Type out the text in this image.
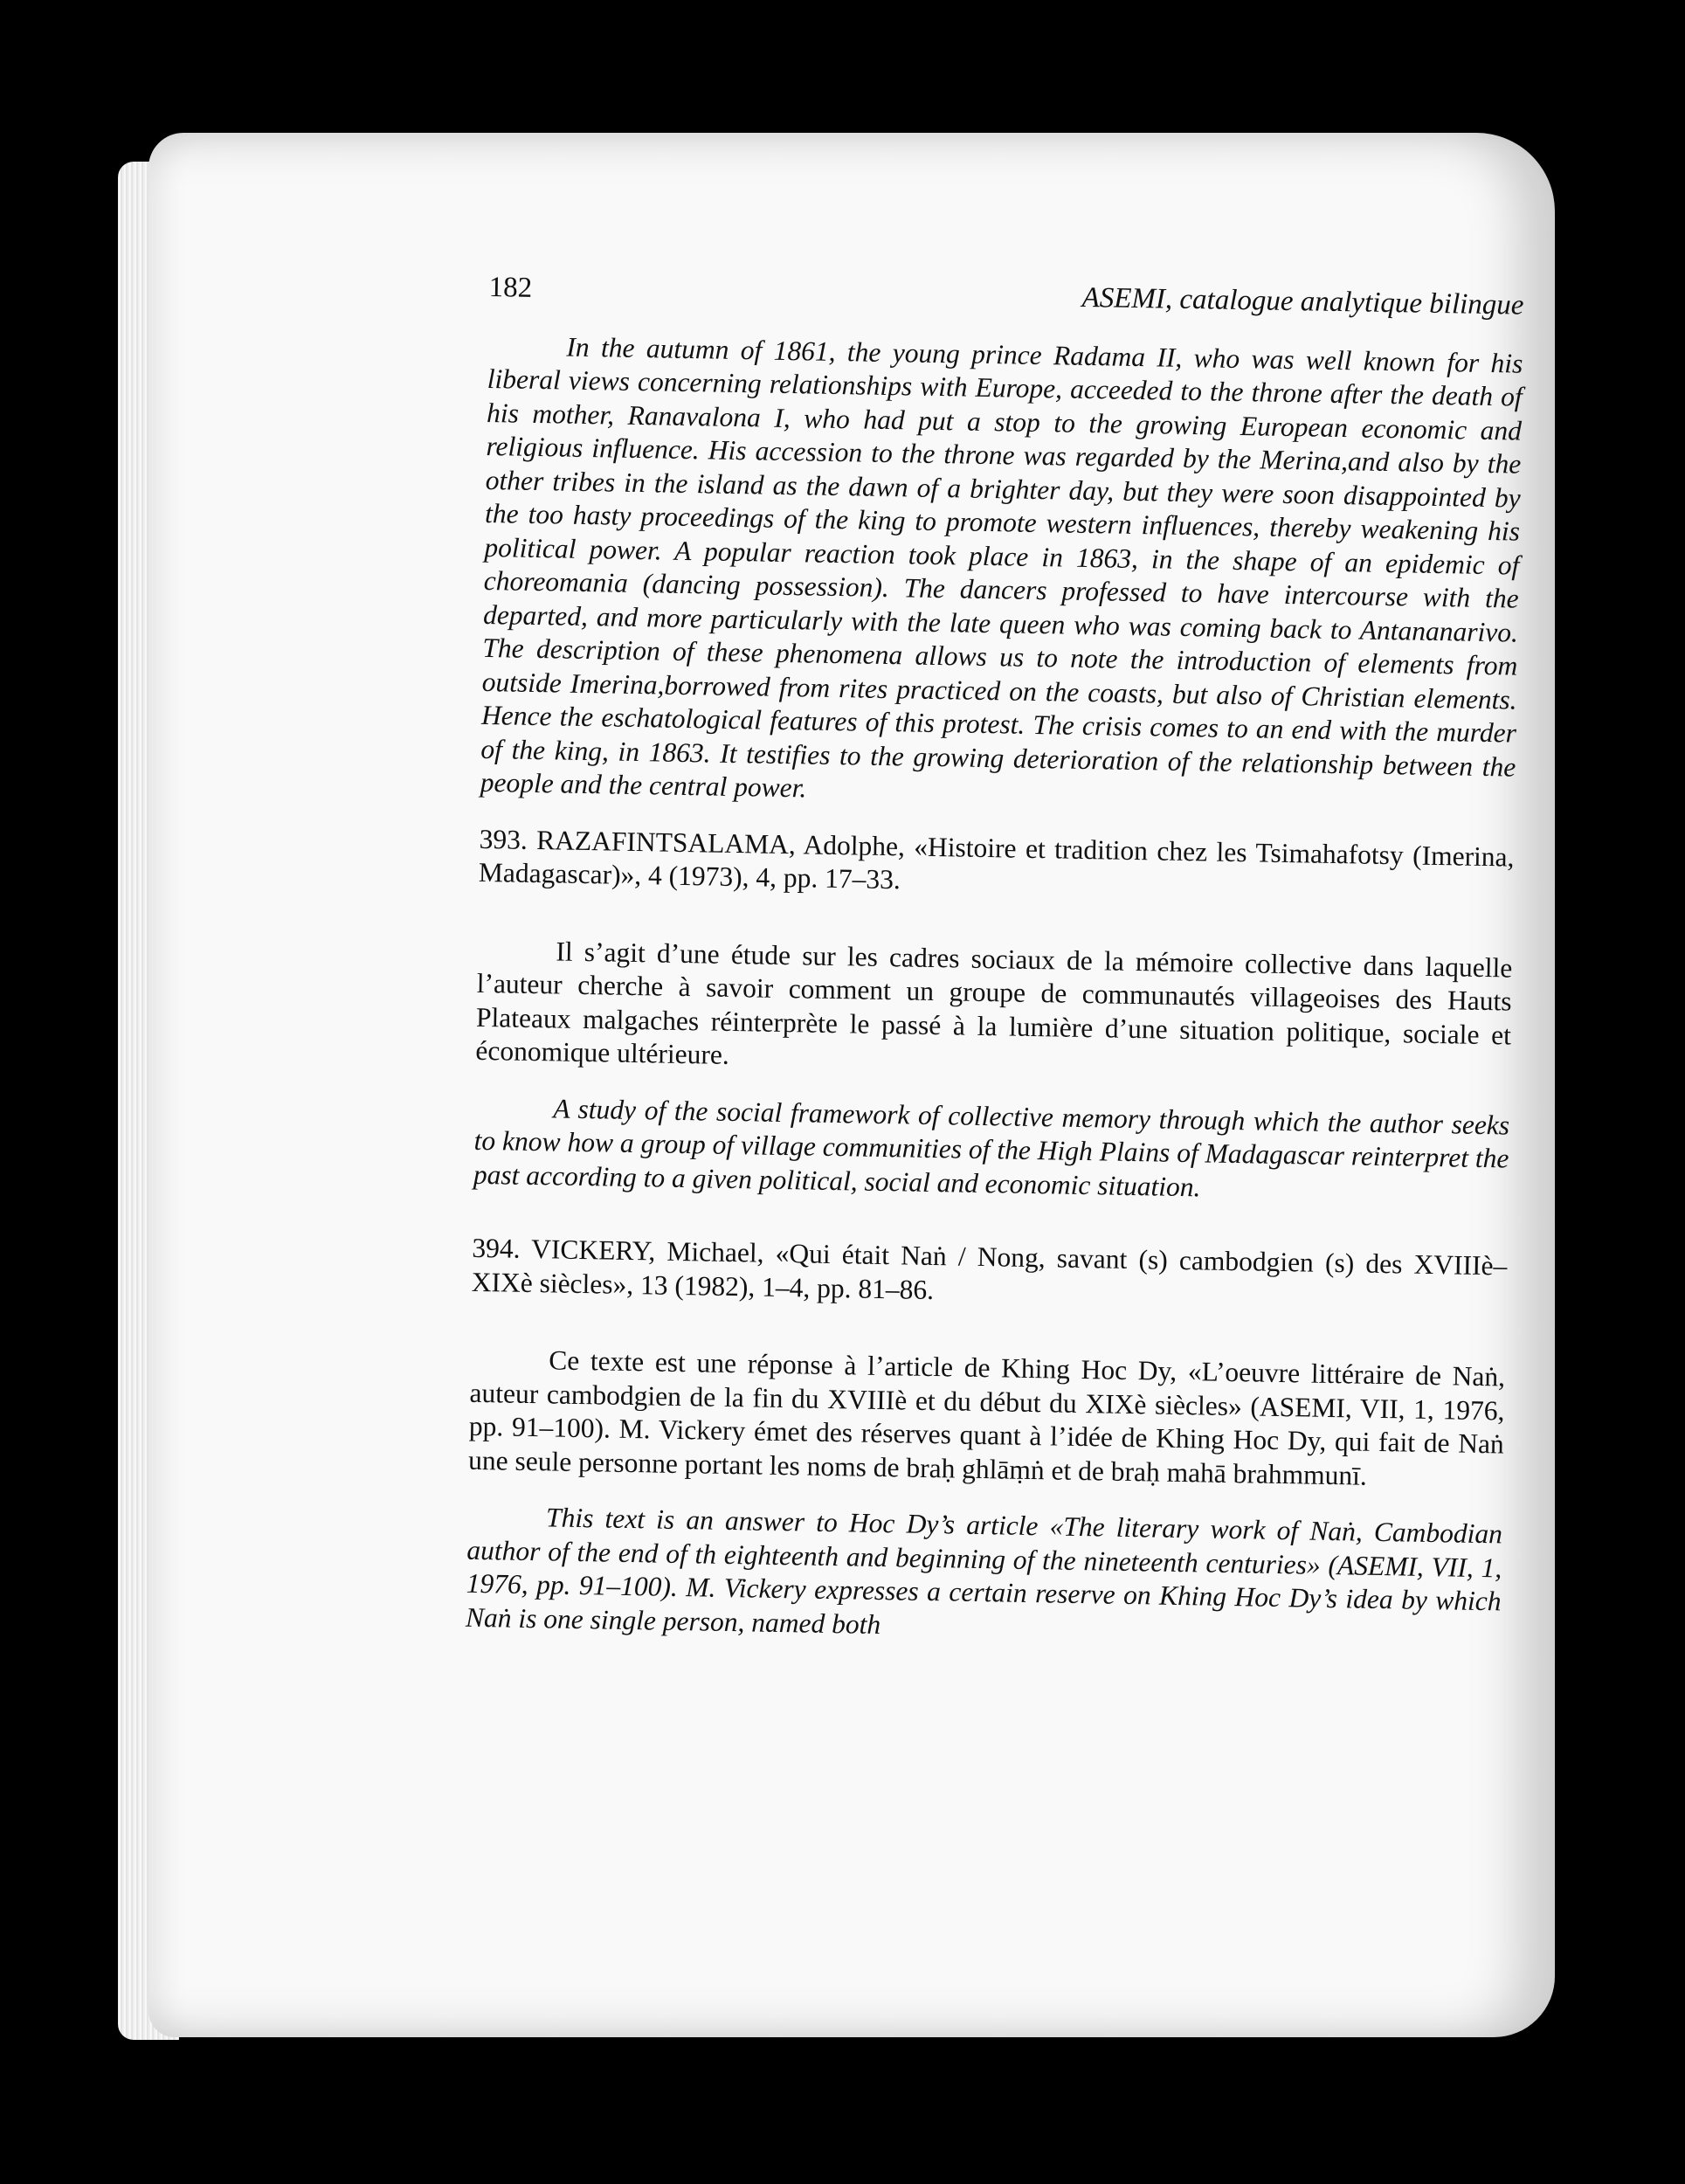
182	ASEMI, catalogue analytique bilingue

In the autumn of 1861, the young prince Radama II, who was well known for his liberal views concerning relationships with Europe, acceeded to the throne after the death of his mother, Ranavalona I, who had put a stop to the growing European economic and religious influence. His accession to the throne was regarded by the Merina,and also by the other tribes in the island as the dawn of a brighter day, but they were soon disappointed by the too hasty proceedings of the king to promote western influences, thereby weakening his political power. A popular reaction took place in 1863, in the shape of an epidemic of choreomania (dancing possession). The dancers professed to have intercourse with the departed, and more particularly with the late queen who was coming back to Antananarivo. The description of these phenomena allows us to note the introduction of elements from outside Imerina,borrowed from rites practiced on the coasts, but also of Christian elements. Hence the eschatological features of this protest. The crisis comes to an end with the murder of the king, in 1863. It testifies to the growing deterioration of the relationship between the people and the central power.

393. RAZAFINTSALAMA, Adolphe, «Histoire et tradition chez les Tsimahafotsy (Imerina, Madagascar)», 4 (1973), 4, pp. 17–33.

Il s’agit d’une étude sur les cadres sociaux de la mémoire collective dans laquelle l’auteur cherche à savoir comment un groupe de communautés villageoises des Hauts Plateaux malgaches réinterprète le passé à la lumière d’une situation politique, sociale et économique ultérieure.

A study of the social framework of collective memory through which the author seeks to know how a group of village communities of the High Plains of Madagascar reinterpret the past according to a given political, social and economic situation.

394. VICKERY, Michael, «Qui était Naṅ / Nong, savant (s) cambodgien (s) des XVIIIè–XIXè siècles», 13 (1982), 1–4, pp. 81–86.

Ce texte est une réponse à l’article de Khing Hoc Dy, «L’oeuvre littéraire de Naṅ, auteur cambodgien de la fin du XVIIIè et du début du XIXè siècles» (ASEMI, VII, 1, 1976, pp. 91–100). M. Vickery émet des réserves quant à l’idée de Khing Hoc Dy, qui fait de Naṅ une seule personne portant les noms de braḥ ghlāṃṅ et de braḥ mahā brahmmunī.

This text is an answer to Hoc Dy’s article «The literary work of Naṅ, Cambodian author of the end of th eighteenth and beginning of the nineteenth centuries» (ASEMI, VII, 1, 1976, pp. 91–100). M. Vickery expresses a certain reserve on Khing Hoc Dy’s idea by which Naṅ is one single person, named both
